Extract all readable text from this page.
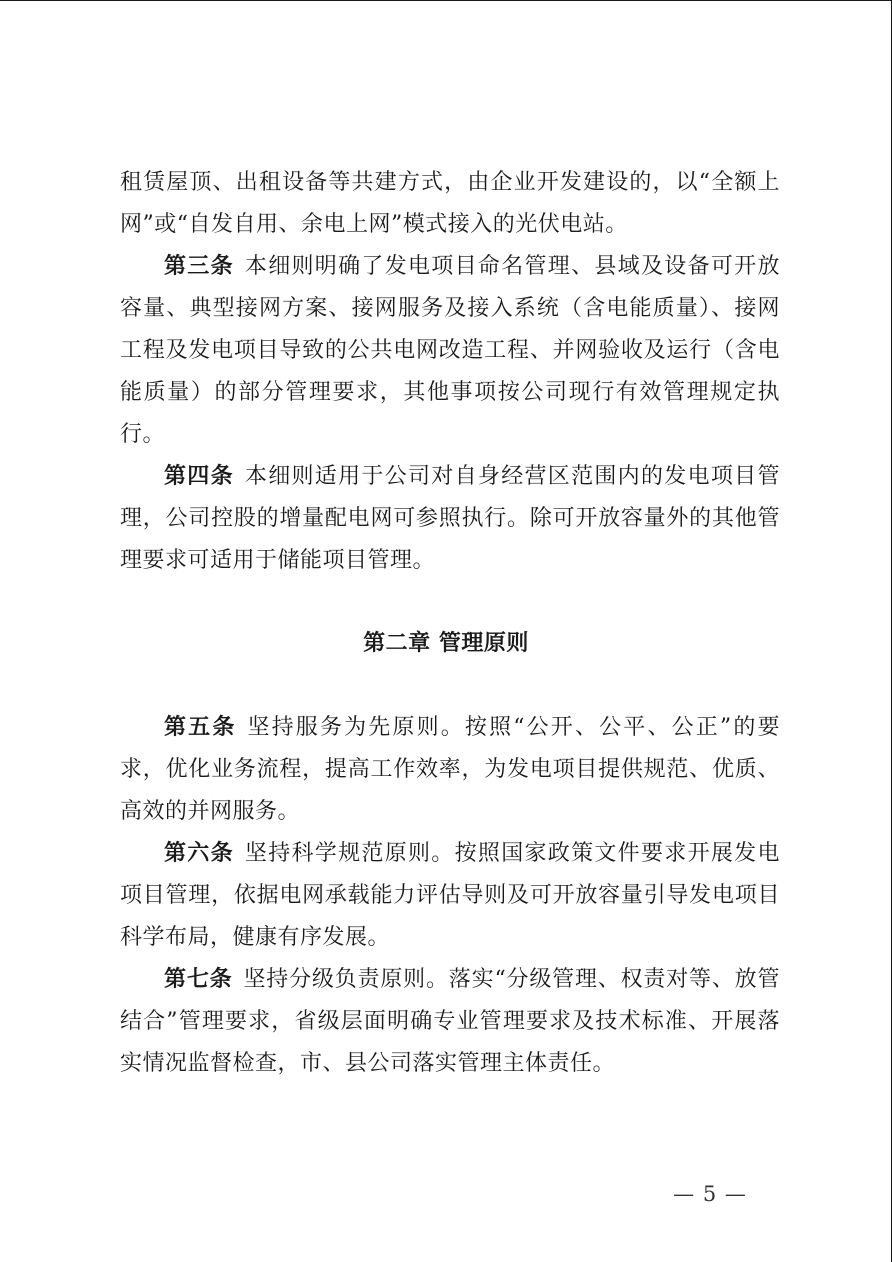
租赁屋顶、出租设备等共建方式，由企业开发建设的，以“全额上网”或“自发自用、余电上网”模式接入的光伏电站。

第三条 本细则明确了发电项目命名管理、县域及设备可开放容量、典型接网方案、接网服务及接入系统（含电能质量）、接网工程及发电项目导致的公共电网改造工程、并网验收及运行（含电能质量）的部分管理要求，其他事项按公司现行有效管理规定执行。

第四条 本细则适用于公司对自身经营区范围内的发电项目管理，公司控股的增量配电网可参照执行。除可开放容量外的其他管理要求可适用于储能项目管理。

第二章 管理原则

第五条 坚持服务为先原则。按照“公开、公平、公正”的要求，优化业务流程，提高工作效率，为发电项目提供规范、优质、高效的并网服务。

第六条 坚持科学规范原则。按照国家政策文件要求开展发电项目管理，依据电网承载能力评估导则及可开放容量引导发电项目科学布局，健康有序发展。

第七条 坚持分级负责原则。落实“分级管理、权责对等、放管结合”管理要求，省级层面明确专业管理要求及技术标准、开展落实情况监督检查，市、县公司落实管理主体责任。

— 5 —
